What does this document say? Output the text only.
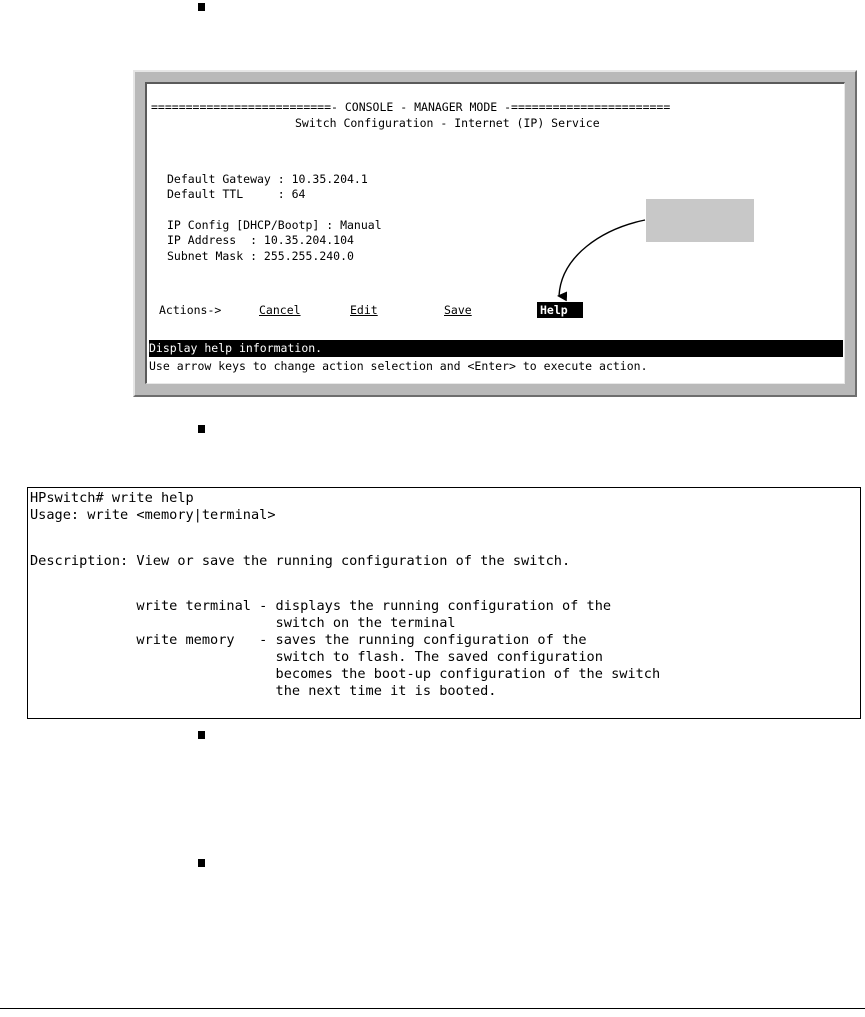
==========================- CONSOLE - MANAGER MODE -=======================

Switch Configuration - Internet (IP) Service

Default Gateway : 10.35.204.1

Default TTL     : 64

IP Config [DHCP/Bootp] : Manual

IP Address  : 10.35.204.104

Subnet Mask : 255.255.240.0

Actions->

	Cancel

	Edit

	Save

	Help

Display help information.

Use arrow keys to change action selection and <Enter> to execute action.

HPswitch# write help
Usage: write <memory|terminal>
Description: View or save the running configuration of the switch.
write terminal - displays the running configuration of the
switch on the terminal
write memory   - saves the running configuration of the
switch to flash. The saved configuration
becomes the boot-up configuration of the switch
the next time it is booted.
